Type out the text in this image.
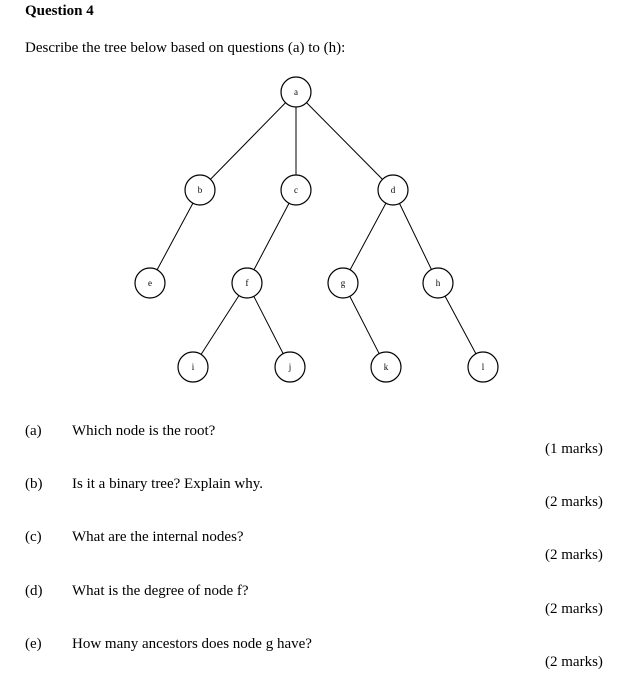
Question 4
Describe the tree below based on questions (a) to (h):
a
b	c	d
e	f	g	h
i	j	k	l
(a) Which node is the root?
(1 marks)
(b) Is it a binary tree? Explain why.
(2 marks)
(c) What are the internal nodes?
(2 marks)
(d) What is the degree of node f?
(2 marks)
(e) How many ancestors does node g have?
(2 marks)
